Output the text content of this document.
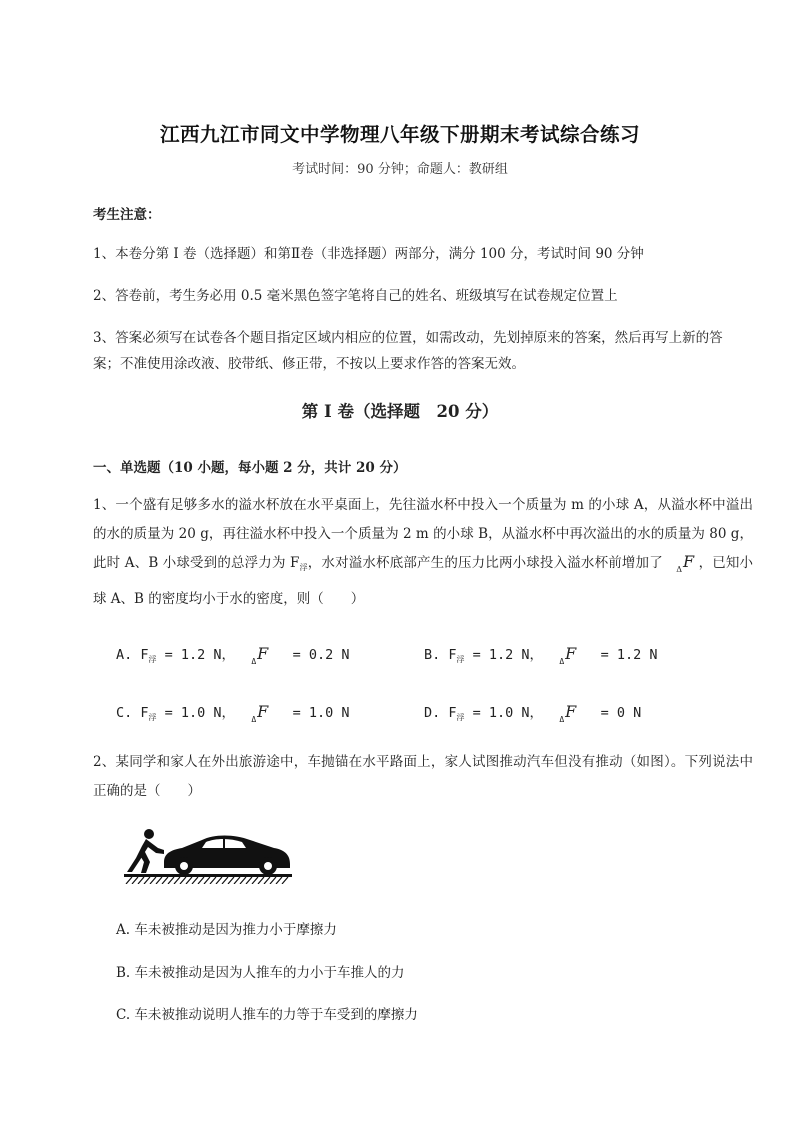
江西九江市同文中学物理八年级下册期末考试综合练习
考试时间：90 分钟；命题人：教研组
考生注意：
1、本卷分第 I 卷（选择题）和第Ⅱ卷（非选择题）两部分，满分 100 分，考试时间 90 分钟
2、答卷前，考生务必用 0.5 毫米黑色签字笔将自己的姓名、班级填写在试卷规定位置上
3、答案必须写在试卷各个题目指定区域内相应的位置，如需改动，先划掉原来的答案，然后再写上新的答案；不准使用涂改液、胶带纸、修正带，不按以上要求作答的答案无效。
第 I 卷（选择题　20 分）
一、单选题（10 小题，每小题 2 分，共计 20 分）
1、一个盛有足够多水的溢水杯放在水平桌面上，先往溢水杯中投入一个质量为 m 的小球 A，从溢水杯中溢出的水的质量为 20 g，再往溢水杯中投入一个质量为 2 m 的小球 B，从溢水杯中再次溢出的水的质量为 80 g，此时 A、B 小球受到的总浮力为 $F_浮$，水对溢水杯底部产生的压力比两小球投入溢水杯前增加了 $_\Delta$F ，已知小球 A、B 的密度均小于水的密度，则（　　）
A. $F_浮 = 1.2$ N， $_\Delta$F = 0.2 N	B. $F_浮 = 1.2$ N， $_\Delta$F = 1.2 N
C. $F_浮 = 1.0$ N， $_\Delta$F = 1.0 N	D. $F_浮 = 1.0$ N， $_\Delta$F = 0 N
2、某同学和家人在外出旅游途中，车抛锚在水平路面上，家人试图推动汽车但没有推动（如图）。下列说法中正确的是（　　）
A. 车未被推动是因为推力小于摩擦力
B. 车未被推动是因为人推车的力小于车推人的力
C. 车未被推动说明人推车的力等于车受到的摩擦力
